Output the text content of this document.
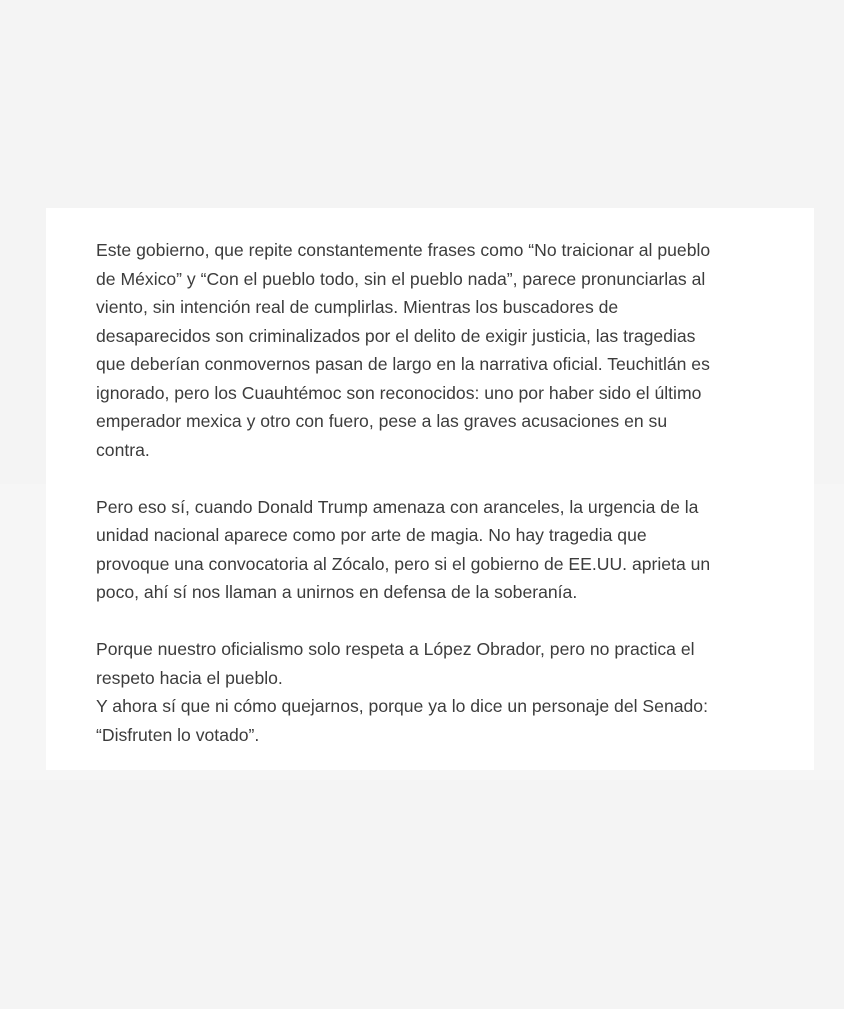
Este gobierno, que repite constantemente frases como “No traicionar al pueblo
de México” y “Con el pueblo todo, sin el pueblo nada”, parece pronunciarlas al
viento, sin intención real de cumplirlas. Mientras los buscadores de
desaparecidos son criminalizados por el delito de exigir justicia, las tragedias
que deberían conmovernos pasan de largo en la narrativa oficial. Teuchitlán es
ignorado, pero los Cuauhtémoc son reconocidos: uno por haber sido el último
emperador mexica y otro con fuero, pese a las graves acusaciones en su
contra.

Pero eso sí, cuando Donald Trump amenaza con aranceles, la urgencia de la
unidad nacional aparece como por arte de magia. No hay tragedia que
provoque una convocatoria al Zócalo, pero si el gobierno de EE.UU. aprieta un
poco, ahí sí nos llaman a unirnos en defensa de la soberanía.

Porque nuestro oficialismo solo respeta a López Obrador, pero no practica el
respeto hacia el pueblo.
Y ahora sí que ni cómo quejarnos, porque ya lo dice un personaje del Senado:
“Disfruten lo votado”.
